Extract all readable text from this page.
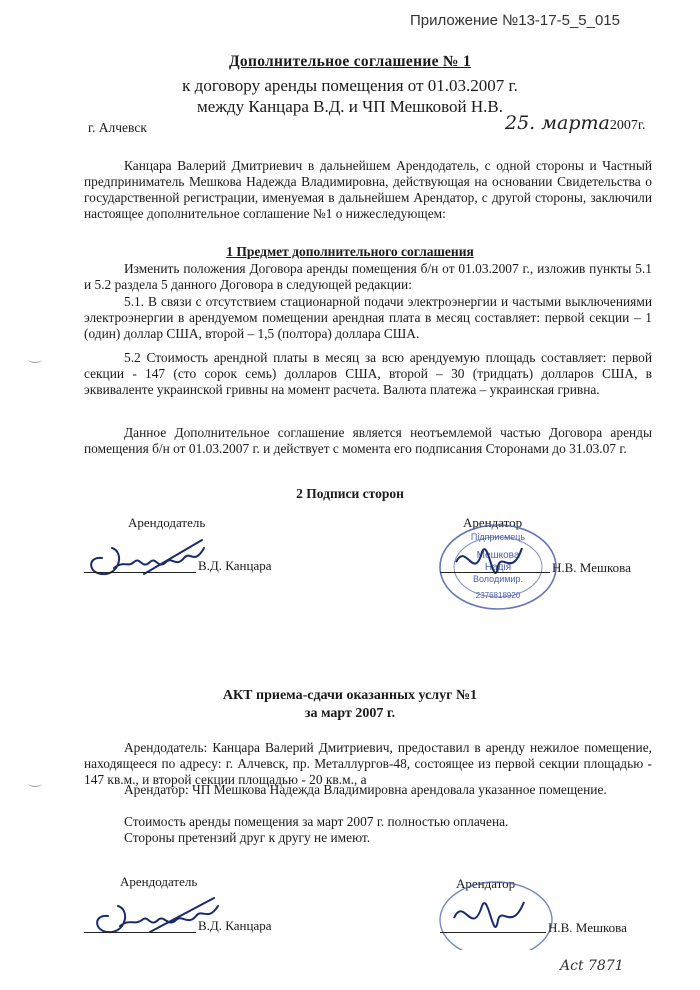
Приложение №13-17-5_5_015
Дополнительное соглашение № 1
к договору аренды помещения от 01.03.2007 г.
между Канцара В.Д. и ЧП Мешковой Н.В.
г. Алчевск	25. марта2007г.
Канцара Валерий Дмитриевич в дальнейшем Арендодатель, с одной стороны и Частный предприниматель Мешкова Надежда Владимировна, действующая на основании Свидетельства о государственной регистрации, именуемая в дальнейшем Арендатор, с другой стороны, заключили настоящее дополнительное соглашение №1 о нижеследующем:
1 Предмет дополнительного соглашения
Изменить положения Договора аренды помещения б/н от 01.03.2007 г., изложив пункты 5.1 и 5.2 раздела 5 данного Договора в следующей редакции:
5.1. В связи с отсутствием стационарной подачи электроэнергии и частыми выключениями электроэнергии в арендуемом помещении арендная плата в месяц составляет: первой секции – 1 (один) доллар США, второй – 1,5 (полтора) доллара США.
5.2 Стоимость арендной платы в месяц за всю арендуемую площадь составляет: первой секции - 147 (сто сорок семь) долларов США, второй – 30 (тридцать) долларов США, в эквиваленте украинской гривны на момент расчета. Валюта платежа – украинская гривна.
Данное Дополнительное соглашение является неотъемлемой частью Договора аренды помещения б/н от 01.03.2007 г. и действует с момента его подписания Сторонами до 31.03.07 г.
2 Подписи сторон
Арендодатель	Арендатор
В.Д. Канцара
Підприємець
Мешкова
Надія
Володимир.
2376818920
Н.В. Мешкова
АКТ приема-сдачи оказанных услуг №1
за март 2007 г.
Арендодатель: Канцара Валерий Дмитриевич, предоставил в аренду нежилое помещение, находящееся по адресу: г. Алчевск, пр. Металлургов-48, состоящее из первой секции площадью - 147 кв.м., и второй секции площадью - 20 кв.м., а
Арендатор: ЧП Мешкова Надежда Владимировна арендовала указанное помещение.
Стоимость аренды помещения за март 2007 г. полностью оплачена.
Стороны претензий друг к другу не имеют.
Арендодатель	Арендатор
В.Д. Канцара	Н.В. Мешкова
Act 7871
